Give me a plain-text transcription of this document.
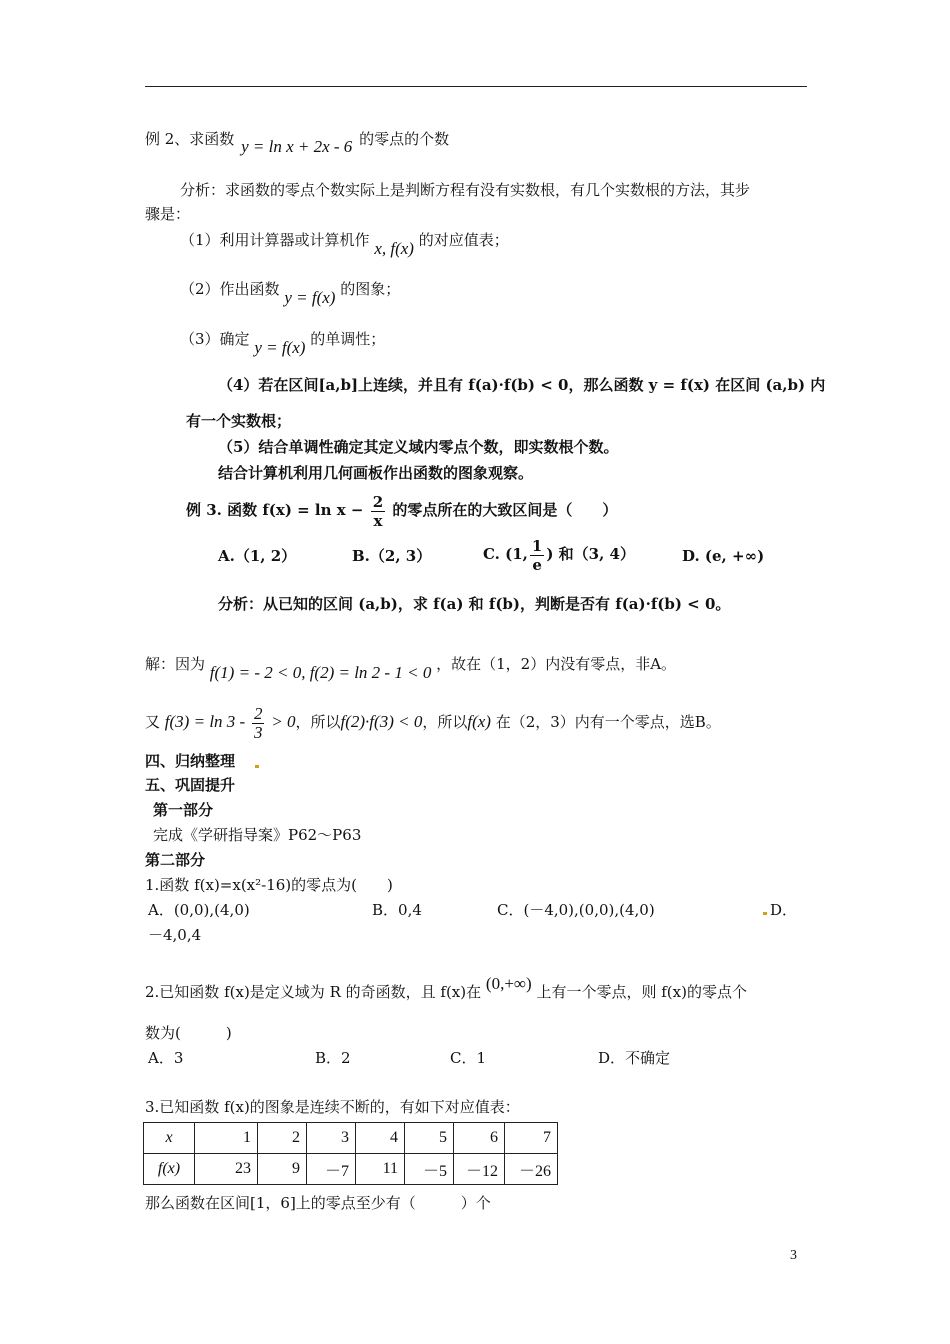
例 2、求函数 y = ln x + 2x - 6 的零点的个数
分析：求函数的零点个数实际上是判断方程有没有实数根，有几个实数根的方法，其步
骤是：
（1）利用计算器或计算机作 x, f(x) 的对应值表；
（2）作出函数 y = f(x) 的图象；
（3）确定 y = f(x) 的单调性；
（4）若在区间[a,b]上连续，并且有 f(a)·f(b) < 0，那么函数 y = f(x) 在区间 (a,b) 内
有一个实数根；
（5）结合单调性确定其定义域内零点个数，即实数根个数。
结合计算机利用几何画板作出函数的图象观察。
例 3. 函数 $f(x) = \ln x - \frac{2}{x}$ 的零点所在的大致区间是（　　）
A.（1, 2）	B.（2, 3）	C. (1, $\frac{1}{e}$ ) 和（3, 4）	D. (e, +∞)
分析：从已知的区间 (a,b)，求 f(a) 和 f(b)，判断是否有 f(a)·f(b) < 0。
解：因为 f(1) = - 2 < 0, f(2) = ln 2 - 1 < 0 ，故在（1，2）内没有零点，非A。
又 $f(3) = \ln 3 - \frac{2}{3} > 0$，所以f(2)·f(3) < 0，所以f(x) 在（2，3）内有一个零点，选B。
四、归纳整理
五、巩固提升
第一部分
完成《学研指导案》P62～P63
第二部分
1.函数 f(x)=x(x²-16)的零点为(　　)
A．(0,0),(4,0)	B．0,4	C．(－4,0),(0,0),(4,0)	D．
－4,0,4
2.已知函数 f(x)是定义域为 R 的奇函数，且 f(x)在 (0,+∞) 上有一个零点，则 f(x)的零点个
数为(　　　)
A．3	B．2	C．1	D．不确定
3.已知函数 f(x)的图象是连续不断的，有如下对应值表：
x	1	2	3	4	5	6	7
f(x)	23	9	－7	11	－5	－12	－26
那么函数在区间[1，6]上的零点至少有（　　　）个
3
